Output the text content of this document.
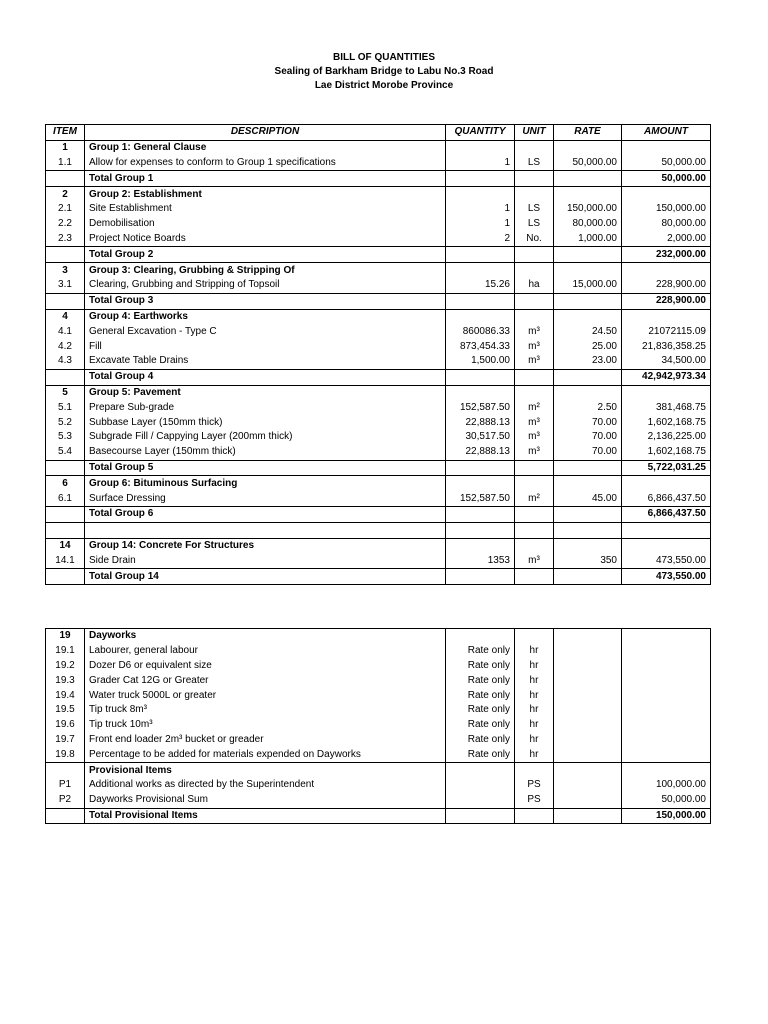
BILL OF QUANTITIES
Sealing of Barkham Bridge to Labu No.3 Road
Lae District Morobe Province
ITEM	DESCRIPTION	QUANTITY	UNIT	RATE	AMOUNT
1	Group 1: General Clause				
1.1	Allow for expenses to conform to Group 1 specifications	1	LS	50,000.00	50,000.00
	Total Group 1				50,000.00
2	Group 2: Establishment				
2.1	Site Establishment	1	LS	150,000.00	150,000.00
2.2	Demobilisation	1	LS	80,000.00	80,000.00
2.3	Project Notice Boards	2	No.	1,000.00	2,000.00
	Total Group 2				232,000.00
3	Group 3: Clearing, Grubbing & Stripping Of				
3.1	Clearing, Grubbing and Stripping of Topsoil	15.26	ha	15,000.00	228,900.00
	Total Group 3				228,900.00
4	Group 4: Earthworks				
4.1	General Excavation - Type C	860086.33	m³	24.50	21072115.09
4.2	Fill	873,454.33	m³	25.00	21,836,358.25
4.3	Excavate Table Drains	1,500.00	m³	23.00	34,500.00
	Total Group 4				42,942,973.34
5	Group 5: Pavement				
5.1	Prepare Sub-grade	152,587.50	m²	2.50	381,468.75
5.2	Subbase Layer (150mm thick)	22,888.13	m³	70.00	1,602,168.75
5.3	Subgrade Fill / Cappying Layer (200mm thick)	30,517.50	m³	70.00	2,136,225.00
5.4	Basecourse Layer (150mm thick)	22,888.13	m³	70.00	1,602,168.75
	Total Group 5				5,722,031.25
6	Group 6: Bituminous Surfacing				
6.1	Surface Dressing	152,587.50	m²	45.00	6,866,437.50
	Total Group 6				6,866,437.50

14	Group 14: Concrete For Structures				
14.1	Side Drain	1353	m³	350	473,550.00
	Total Group 14				473,550.00
19	Dayworks				
19.1	Labourer, general labour	Rate only	hr		
19.2	Dozer D6 or equivalent size	Rate only	hr		
19.3	Grader Cat 12G or Greater	Rate only	hr		
19.4	Water truck 5000L or greater	Rate only	hr		
19.5	Tip truck 8m³	Rate only	hr		
19.6	Tip truck 10m³	Rate only	hr		
19.7	Front end loader 2m³ bucket or greader	Rate only	hr		
19.8	Percentage to be added for materials expended on Dayworks	Rate only	hr		
	Provisional Items				
P1	Additional works as directed by the Superintendent		PS		100,000.00
P2	Dayworks Provisional Sum		PS		50,000.00
	Total Provisional Items				150,000.00
